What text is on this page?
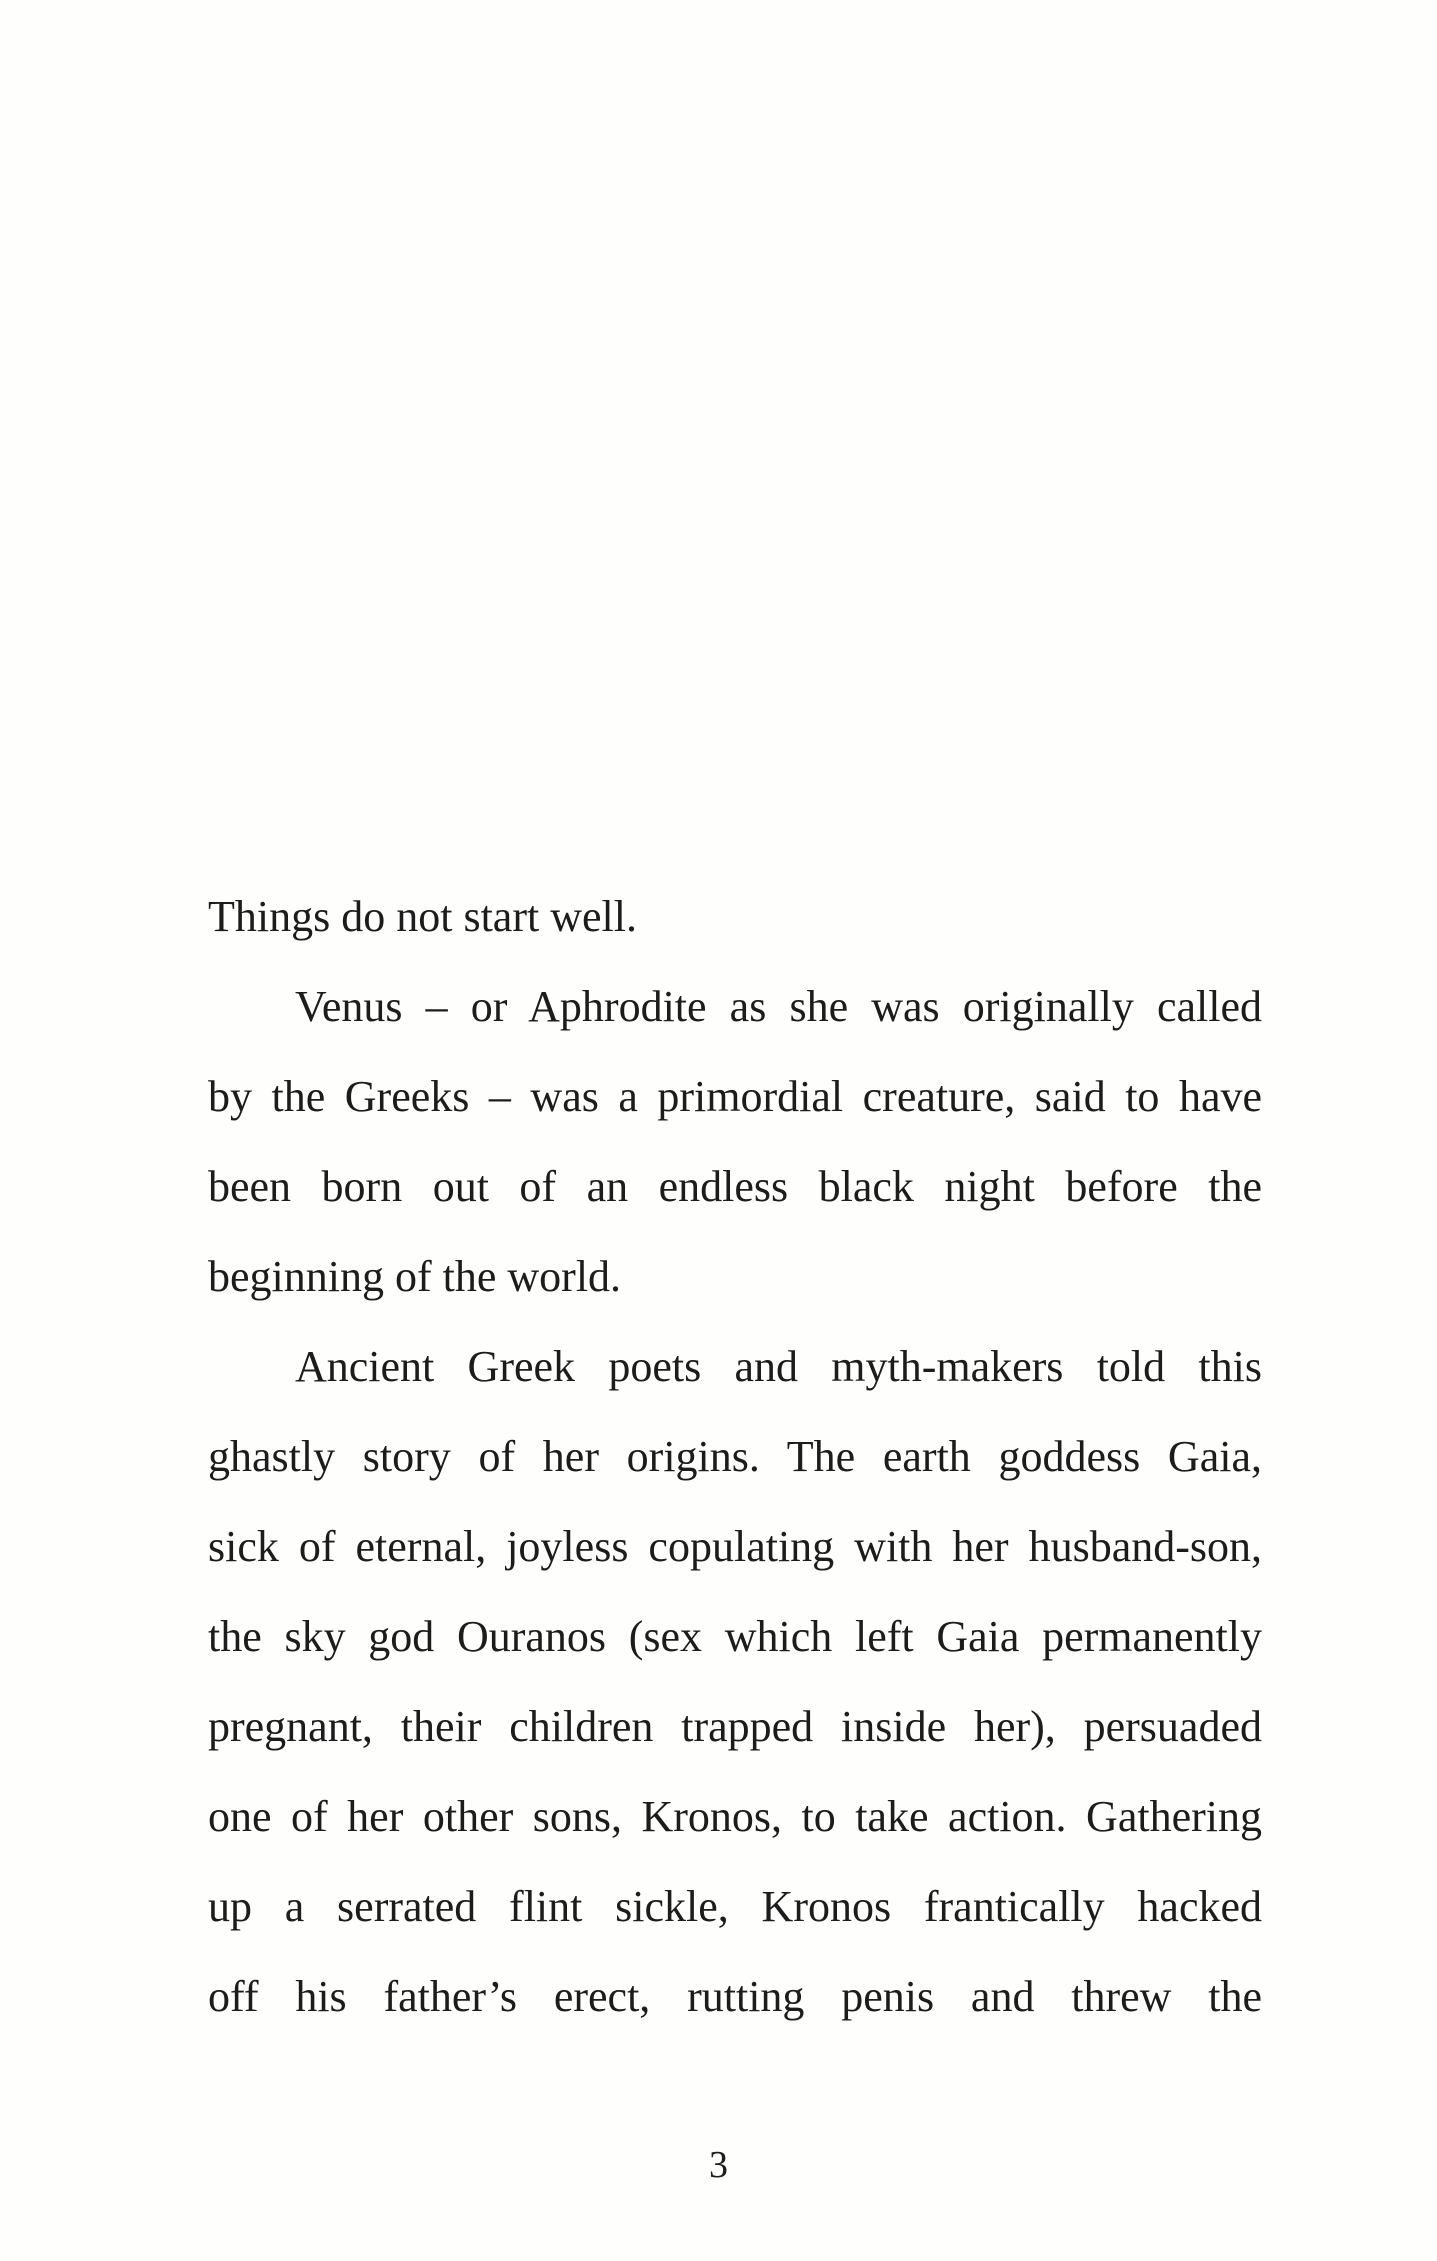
Things do not start well.
Venus – or Aphrodite as she was originally called
by the Greeks – was a primordial creature, said to have
been born out of an endless black night before the
beginning of the world.
Ancient Greek poets and myth-makers told this
ghastly story of her origins. The earth goddess Gaia,
sick of eternal, joyless copulating with her husband-son,
the sky god Ouranos (sex which left Gaia permanently
pregnant, their children trapped inside her), persuaded
one of her other sons, Kronos, to take action. Gathering
up a serrated flint sickle, Kronos frantically hacked
off his father’s erect, rutting penis and threw the
3
